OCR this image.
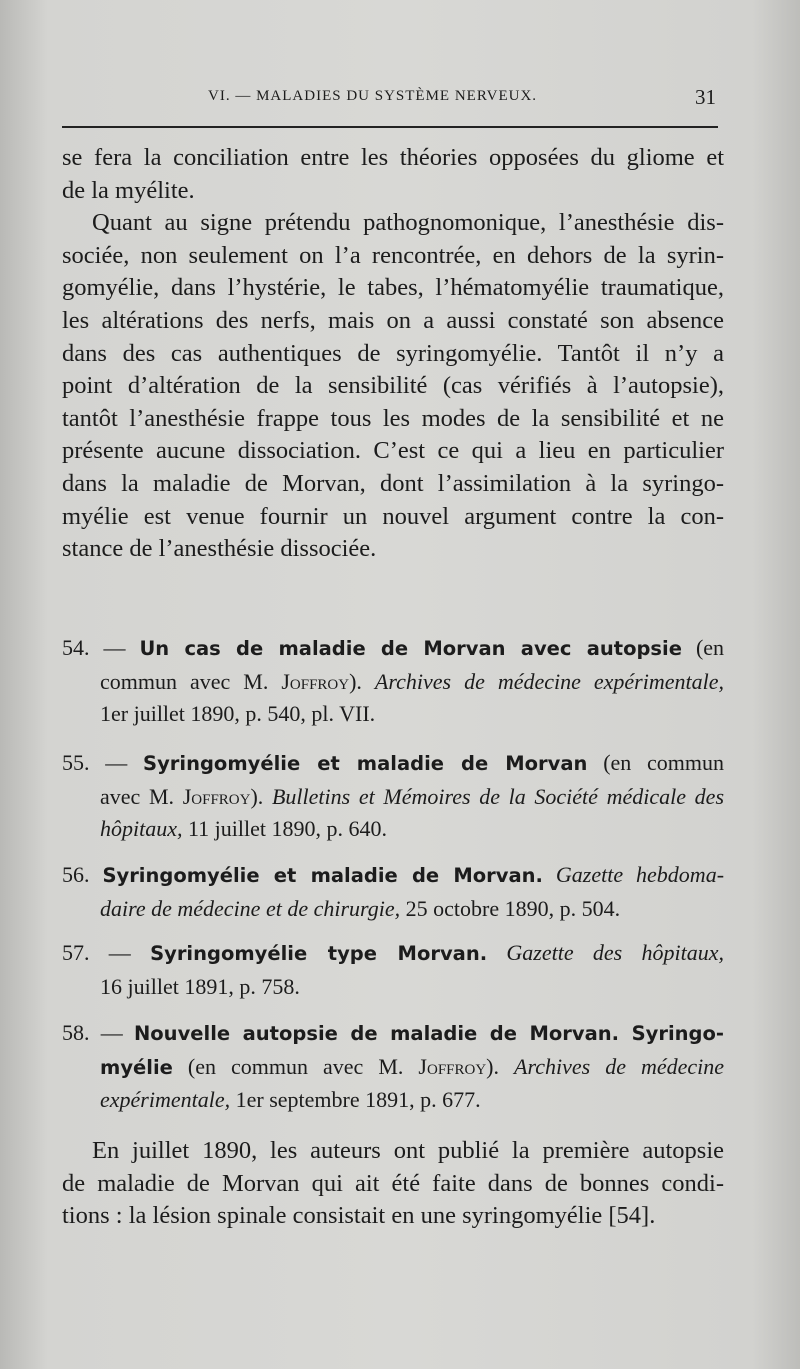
VI. — MALADIES DU SYSTÈME NERVEUX.	31
se fera la conciliation entre les théories opposées du gliome et
de la myélite.
Quant au signe prétendu pathognomonique, l’anesthésie dis-
sociée, non seulement on l’a rencontrée, en dehors de la syrin-
gomyélie, dans l’hystérie, le tabes, l’hématomyélie traumatique,
les altérations des nerfs, mais on a aussi constaté son absence
dans des cas authentiques de syringomyélie. Tantôt il n’y a
point d’altération de la sensibilité (cas vérifiés à l’autopsie),
tantôt l’anesthésie frappe tous les modes de la sensibilité et ne
présente aucune dissociation. C’est ce qui a lieu en particulier
dans la maladie de Morvan, dont l’assimilation à la syringo-
myélie est venue fournir un nouvel argument contre la con-
stance de l’anesthésie dissociée.
54. — Un cas de maladie de Morvan avec autopsie (en
commun avec M. Joffroy). Archives de médecine expérimentale,
1er juillet 1890, p. 540, pl. VII.
55. — Syringomyélie et maladie de Morvan (en commun
avec M. Joffroy). Bulletins et Mémoires de la Société médicale des
hôpitaux, 11 juillet 1890, p. 640.
56. Syringomyélie et maladie de Morvan. Gazette hebdoma-
daire de médecine et de chirurgie, 25 octobre 1890, p. 504.
57. — Syringomyélie type Morvan. Gazette des hôpitaux,
16 juillet 1891, p. 758.
58. — Nouvelle autopsie de maladie de Morvan. Syringo-
myélie (en commun avec M. Joffroy). Archives de médecine
expérimentale, 1er septembre 1891, p. 677.
En juillet 1890, les auteurs ont publié la première autopsie
de maladie de Morvan qui ait été faite dans de bonnes condi-
tions : la lésion spinale consistait en une syringomyélie [54].
